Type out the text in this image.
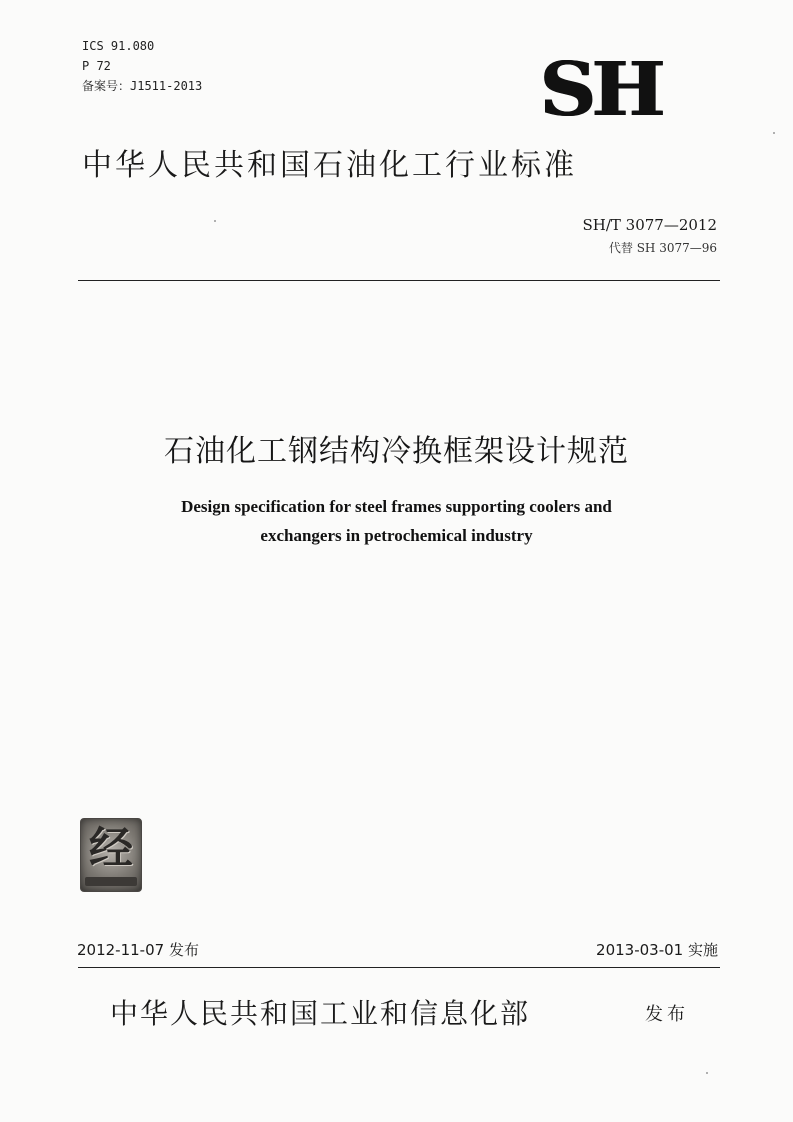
ICS 91.080
P 72
备案号：J1511-2013	SH
中华人民共和国石油化工行业标准
SH/T 3077—2012
代替 SH 3077—96
石油化工钢结构冷换框架设计规范
Design specification for steel frames supporting coolers and
exchangers in petrochemical industry
经
2012-11-07 发布	2013-03-01 实施
中华人民共和国工业和信息化部	发布
